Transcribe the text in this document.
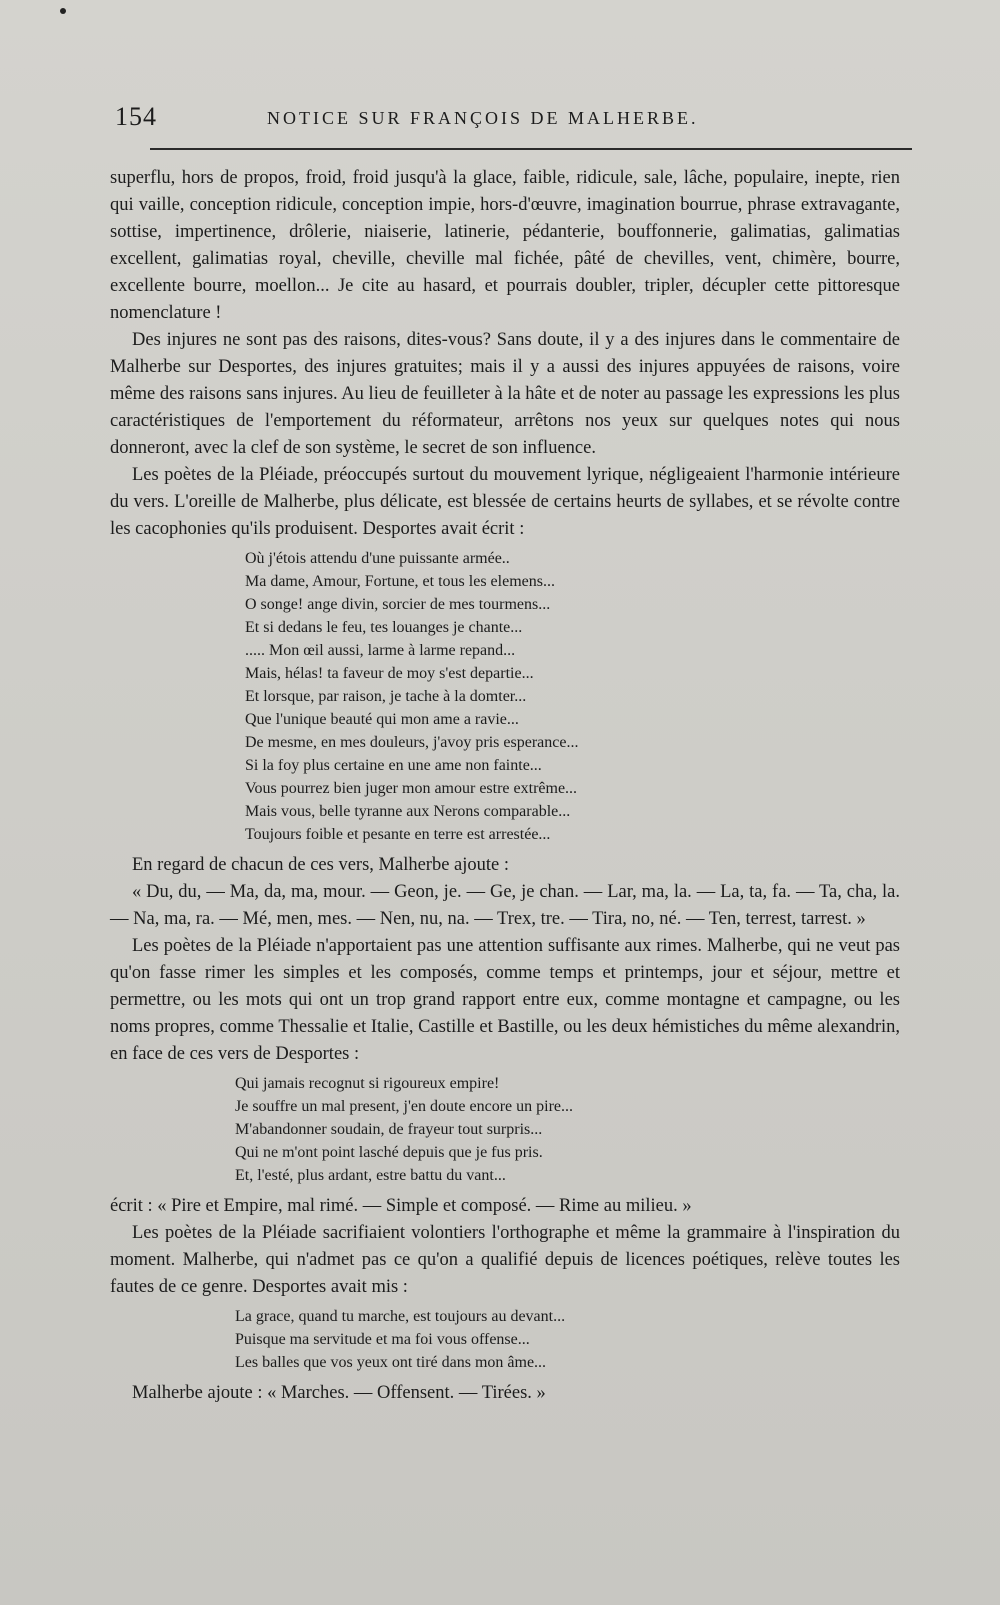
154	NOTICE SUR FRANÇOIS DE MALHERBE.

superflu, hors de propos, froid, froid jusqu'à la glace, faible, ridicule, sale, lâche, populaire, inepte, rien qui vaille, conception ridicule, conception impie, hors-d'œuvre, imagination bourrue, phrase extravagante, sottise, impertinence, drôlerie, niaiserie, latinerie, pédanterie, bouffonnerie, galimatias, galimatias excellent, galimatias royal, cheville, cheville mal fichée, pâté de chevilles, vent, chimère, bourre, excellente bourre, moellon... Je cite au hasard, et pourrais doubler, tripler, décupler cette pittoresque nomenclature !

Des injures ne sont pas des raisons, dites-vous? Sans doute, il y a des injures dans le commentaire de Malherbe sur Desportes, des injures gratuites; mais il y a aussi des injures appuyées de raisons, voire même des raisons sans injures. Au lieu de feuilleter à la hâte et de noter au passage les expressions les plus caractéristiques de l'emportement du réformateur, arrêtons nos yeux sur quelques notes qui nous donneront, avec la clef de son système, le secret de son influence.

Les poètes de la Pléiade, préoccupés surtout du mouvement lyrique, négligeaient l'harmonie intérieure du vers. L'oreille de Malherbe, plus délicate, est blessée de certains heurts de syllabes, et se révolte contre les cacophonies qu'ils produisent. Desportes avait écrit :

Où j'étois attendu d'une puissante armée..
Ma dame, Amour, Fortune, et tous les elemens...
O songe! ange divin, sorcier de mes tourmens...
Et si dedans le feu, tes louanges je chante...
..... Mon œil aussi, larme à larme repand...
Mais, hélas! ta faveur de moy s'est departie...
Et lorsque, par raison, je tache à la domter...
Que l'unique beauté qui mon ame a ravie...
De mesme, en mes douleurs, j'avoy pris esperance...
Si la foy plus certaine en une ame non fainte...
Vous pourrez bien juger mon amour estre extrême...
Mais vous, belle tyranne aux Nerons comparable...
Toujours foible et pesante en terre est arrestée...

En regard de chacun de ces vers, Malherbe ajoute :

« Du, du, — Ma, da, ma, mour. — Geon, je. — Ge, je chan. — Lar, ma, la. — La, ta, fa. — Ta, cha, la. — Na, ma, ra. — Mé, men, mes. — Nen, nu, na. — Trex, tre. — Tira, no, né. — Ten, terrest, tarrest. »

Les poètes de la Pléiade n'apportaient pas une attention suffisante aux rimes. Malherbe, qui ne veut pas qu'on fasse rimer les simples et les composés, comme temps et printemps, jour et séjour, mettre et permettre, ou les mots qui ont un trop grand rapport entre eux, comme montagne et campagne, ou les noms propres, comme Thessalie et Italie, Castille et Bastille, ou les deux hémistiches du même alexandrin, en face de ces vers de Desportes :

Qui jamais recognut si rigoureux empire!
Je souffre un mal present, j'en doute encore un pire...
M'abandonner soudain, de frayeur tout surpris...
Qui ne m'ont point lasché depuis que je fus pris.
Et, l'esté, plus ardant, estre battu du vant...

écrit : « Pire et Empire, mal rimé. — Simple et composé. — Rime au milieu. »

Les poètes de la Pléiade sacrifiaient volontiers l'orthographe et même la grammaire à l'inspiration du moment. Malherbe, qui n'admet pas ce qu'on a qualifié depuis de licences poétiques, relève toutes les fautes de ce genre. Desportes avait mis :

La grace, quand tu marche, est toujours au devant...
Puisque ma servitude et ma foi vous offense...
Les balles que vos yeux ont tiré dans mon âme...

Malherbe ajoute : « Marches. — Offensent. — Tirées. »
